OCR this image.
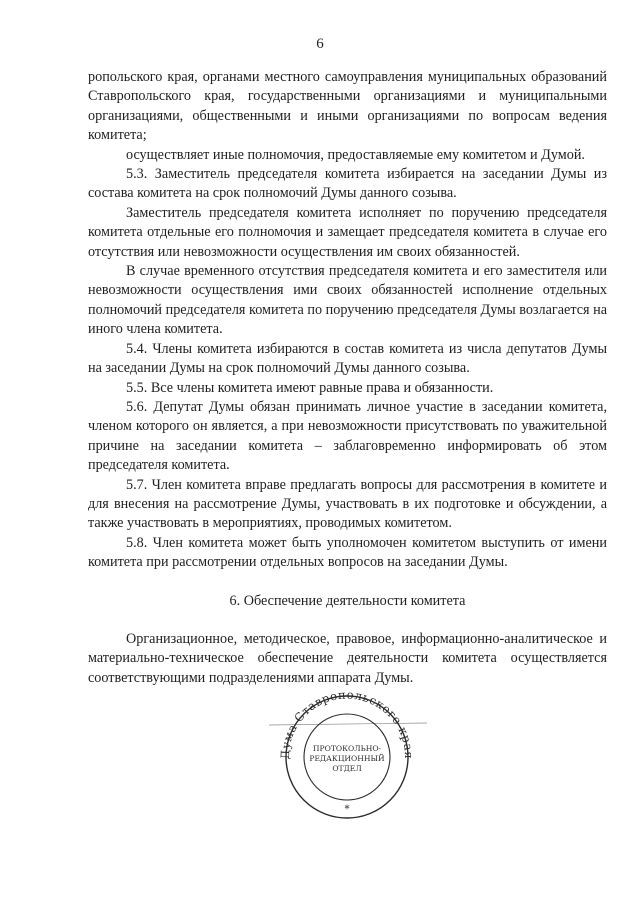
6

ропольского края, органами местного самоуправления муниципальных образований Ставропольского края, государственными организациями и муниципальными организациями, общественными и иными организациями по вопросам ведения комитета;

осуществляет иные полномочия, предоставляемые ему комитетом и Думой.

5.3. Заместитель председателя комитета избирается на заседании Думы из состава комитета на срок полномочий Думы данного созыва.

Заместитель председателя комитета исполняет по поручению председателя комитета отдельные его полномочия и замещает председателя комитета в случае его отсутствия или невозможности осуществления им своих обязанностей.

В случае временного отсутствия председателя комитета и его заместителя или невозможности осуществления ими своих обязанностей исполнение отдельных полномочий председателя комитета по поручению председателя Думы возлагается на иного члена комитета.

5.4. Члены комитета избираются в состав комитета из числа депутатов Думы на заседании Думы на срок полномочий Думы данного созыва.

5.5. Все члены комитета имеют равные права и обязанности.

5.6. Депутат Думы обязан принимать личное участие в заседании комитета, членом которого он является, а при невозможности присутствовать по уважительной причине на заседании комитета – заблаговременно информировать об этом председателя комитета.

5.7. Член комитета вправе предлагать вопросы для рассмотрения в комитете и для внесения на рассмотрение Думы, участвовать в их подготовке и обсуждении, а также участвовать в мероприятиях, проводимых комитетом.

5.8. Член комитета может быть уполномочен комитетом выступить от имени комитета при рассмотрении отдельных вопросов на заседании Думы.

6. Обеспечение деятельности комитета

Организационное, методическое, правовое, информационно-аналитическое и материально-техническое обеспечение деятельности комитета осуществляется соответствующими подразделениями аппарата Думы.

Дума Ставропольского края
ПРОТОКОЛЬНО-
РЕДАКЦИОННЫЙ
ОТДЕЛ
*
